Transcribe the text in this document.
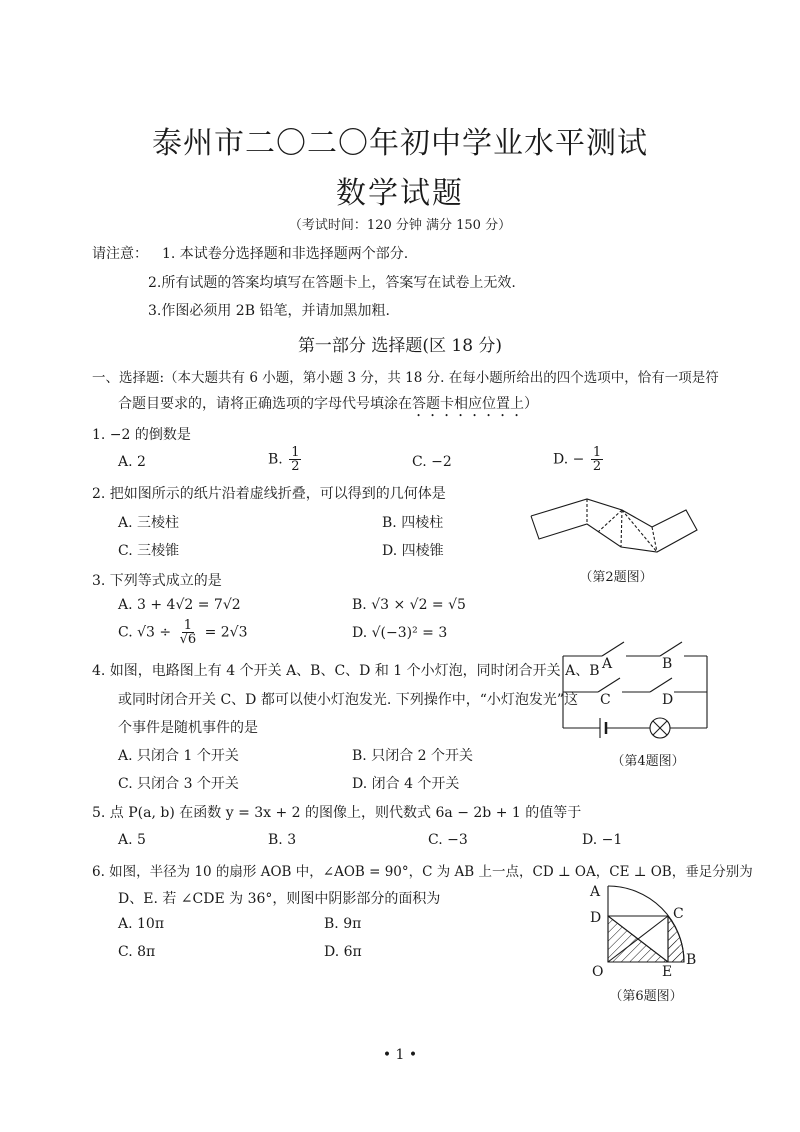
泰州市二〇二〇年初中学业水平测试
数学试题
（考试时间：120 分钟 满分 150 分）
请注意： 1. 本试卷分选择题和非选择题两个部分.
2.所有试题的答案均填写在答题卡上，答案写在试卷上无效.
3.作图必须用 2B 铅笔，并请加黑加粗.
第一部分 选择题(区 18 分)
一、选择题:（本大题共有 6 小题，第小题 3 分，共 18 分. 在每小题所给出的四个选项中，恰有一项是符
合题目要求的，请将正确选项的字母代号填涂在答题卡相应位置上）
1. −2 的倒数是
A. 2	B. $\frac{1}{2}$	C. −2	D. − $\frac{1}{2}$
2. 把如图所示的纸片沿着虚线折叠，可以得到的几何体是
A. 三棱柱	B. 四棱柱
C. 三棱锥	D. 四棱锥
（第2题图）
3. 下列等式成立的是
A. 3 + 4√2 = 7√2	B. √3 × √2 = √5
C. $√3 \div \frac{1}{√6} = 2√3$	D. √(−3)² = 3
4. 如图，电路图上有 4 个开关 A、B、C、D 和 1 个小灯泡，同时闭合开关 A、B
或同时闭合开关 C、D 都可以使小灯泡发光. 下列操作中，“小灯泡发光”这
个事件是随机事件的是
A. 只闭合 1 个开关	B. 只闭合 2 个开关
C. 只闭合 3 个开关	D. 闭合 4 个开关
A	B
C	D
（第4题图）
5. 点 P(a, b) 在函数 y = 3x + 2 的图像上，则代数式 6a − 2b + 1 的值等于
A. 5	B. 3	C. −3	D. −1
6. 如图，半径为 10 的扇形 AOB 中，∠AOB = 90°，C 为 AB 上一点，CD ⊥ OA，CE ⊥ OB，垂足分别为
D、E. 若 ∠CDE 为 36°，则图中阴影部分的面积为
A. 10π	B. 9π
C. 8π	D. 6π
A
D	C
O	E
B
（第6题图）
• 1 •
